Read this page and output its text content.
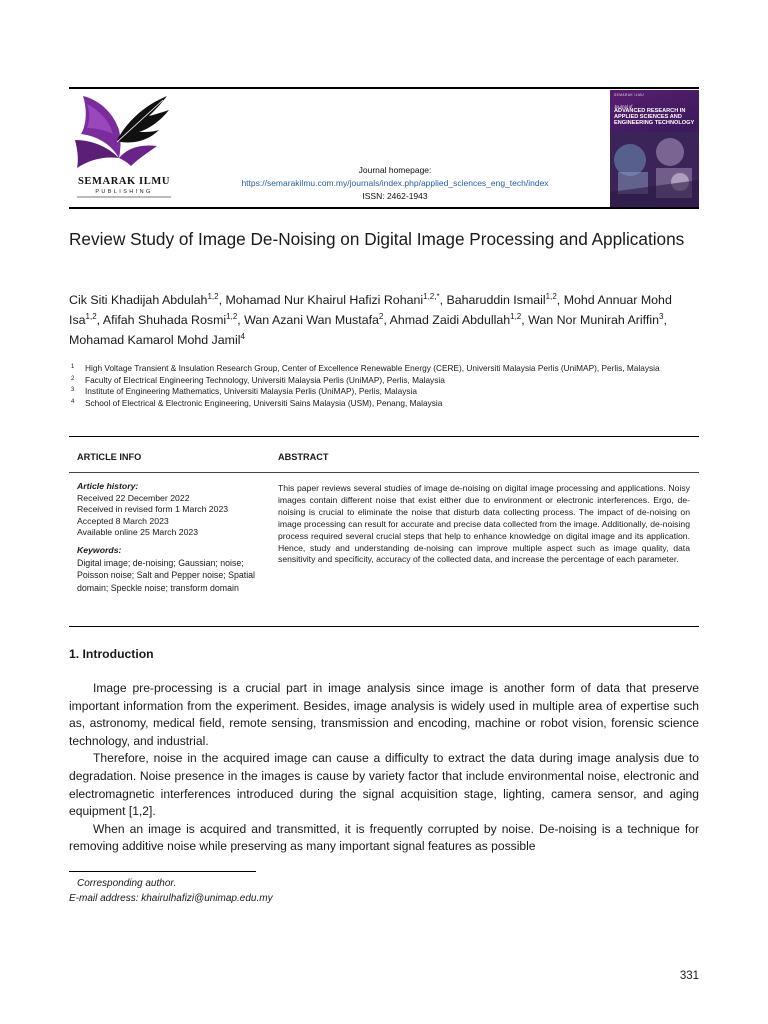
SEMARAK ILMU
PUBLISHING
Journal homepage:
https://semarakilmu.com.my/journals/index.php/applied_sciences_eng_tech/index
ISSN: 2462-1943
SEMARAK ILMU
Journal of
ADVANCED RESEARCH IN APPLIED SCIENCES AND ENGINEERING TECHNOLOGY
Review Study of Image De-Noising on Digital Image Processing and Applications
Cik Siti Khadijah Abdulah$^{1,2}$, Mohamad Nur Khairul Hafizi Rohani$^{1,2,*}$, Baharuddin Ismail$^{1,2}$, Mohd Annuar Mohd Isa$^{1,2}$, Afifah Shuhada Rosmi$^{1,2}$, Wan Azani Wan Mustafa$^2$, Ahmad Zaidi Abdullah$^{1,2}$, Wan Nor Munirah Ariffin$^3$, Mohamad Kamarol Mohd Jamil$^4$
1 High Voltage Transient & Insulation Research Group, Center of Excellence Renewable Energy (CERE), Universiti Malaysia Perlis (UniMAP), Perlis, Malaysia
2 Faculty of Electrical Engineering Technology, Universiti Malaysia Perlis (UniMAP), Perlis, Malaysia
3 Institute of Engineering Mathematics, Universiti Malaysia Perlis (UniMAP), Perlis, Malaysia
4 School of Electrical & Electronic Engineering, Universiti Sains Malaysia (USM), Penang, Malaysia
ARTICLE INFO	ABSTRACT
Article history:
Received 22 December 2022
Received in revised form 1 March 2023
Accepted 8 March 2023
Available online 25 March 2023
Keywords:
Digital image; de-noising; Gaussian; noise; Poisson noise; Salt and Pepper noise; Spatial domain; Speckle noise; transform domain
This paper reviews several studies of image de-noising on digital image processing and applications. Noisy images contain different noise that exist either due to environment or electronic interferences. Ergo, de-noising is crucial to eliminate the noise that disturb data collecting process. The impact of de-noising on image processing can result for accurate and precise data collected from the image. Additionally, de-noising process required several crucial steps that help to enhance knowledge on digital image and its application. Hence, study and understanding de-noising can improve multiple aspect such as image quality, data sensitivity and specificity, accuracy of the collected data, and increase the percentage of each parameter.
1. Introduction

Image pre-processing is a crucial part in image analysis since image is another form of data that preserve important information from the experiment. Besides, image analysis is widely used in multiple area of expertise such as, astronomy, medical field, remote sensing, transmission and encoding, machine or robot vision, forensic science technology, and industrial.

Therefore, noise in the acquired image can cause a difficulty to extract the data during image analysis due to degradation. Noise presence in the images is cause by variety factor that include environmental noise, electronic and electromagnetic interferences introduced during the signal acquisition stage, lighting, camera sensor, and aging equipment [1,2].

When an image is acquired and transmitted, it is frequently corrupted by noise. De-noising is a technique for removing additive noise while preserving as many important signal features as possible

Corresponding author.
E-mail address: khairulhafizi@unimap.edu.my
331
